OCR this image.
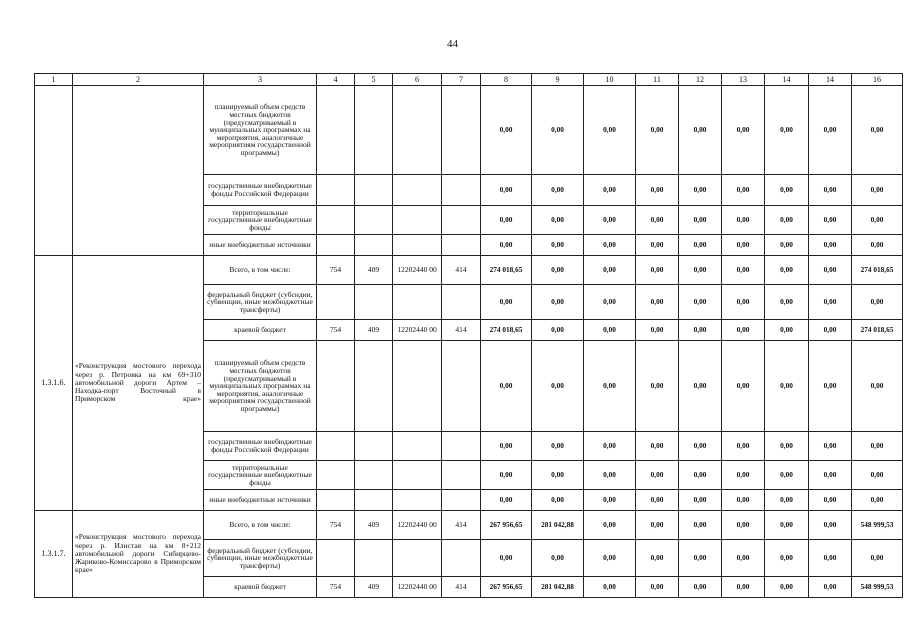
44
1	2	3	4	5	6	7	8	9	10	11	12	13	14	14	16
		планируемый объем средств местных бюджетов (предусматриваемый в муниципальных программах на мероприятия, аналогичные мероприятиям государственной программы)					0,00	0,00	0,00	0,00	0,00	0,00	0,00	0,00	0,00
		государственные внебюджетные фонды Российской Федерации					0,00	0,00	0,00	0,00	0,00	0,00	0,00	0,00	0,00
		территориальные государственные внебюджетные фонды					0,00	0,00	0,00	0,00	0,00	0,00	0,00	0,00	0,00
		иные внебюджетные источники					0,00	0,00	0,00	0,00	0,00	0,00	0,00	0,00	0,00
1.3.1.6.	«Реконструкция мостового перехода через р. Петровка на км 69+310 автомобильной дороги Артем – Находка-порт Восточный в Приморском крае»	Всего, в том числе:	754	409	12202440 00	414	274 018,65	0,00	0,00	0,00	0,00	0,00	0,00	0,00	274 018,65
		федеральный бюджет (субсидии, субвенции, иные межбюджетные трансферты)					0,00	0,00	0,00	0,00	0,00	0,00	0,00	0,00	0,00
		краевой бюджет	754	409	12202440 00	414	274 018,65	0,00	0,00	0,00	0,00	0,00	0,00	0,00	274 018,65
		планируемый объем средств местных бюджетов (предусматриваемый в муниципальных программах на мероприятия, аналогичные мероприятиям государственной программы)					0,00	0,00	0,00	0,00	0,00	0,00	0,00	0,00	0,00
		государственные внебюджетные фонды Российской Федерации					0,00	0,00	0,00	0,00	0,00	0,00	0,00	0,00	0,00
		территориальные государственные внебюджетные фонды					0,00	0,00	0,00	0,00	0,00	0,00	0,00	0,00	0,00
		иные внебюджетные источники					0,00	0,00	0,00	0,00	0,00	0,00	0,00	0,00	0,00
1.3.1.7.	«Реконструкция мостового перехода через р. Илистая на км 8+212 автомобильной дороги Сибирцево-Жариково-Комиссарово в Приморском крае»	Всего, в том числе:	754	409	12202440 00	414	267 956,65	281 042,88	0,00	0,00	0,00	0,00	0,00	0,00	548 999,53
		федеральный бюджет (субсидии, субвенции, иные межбюджетные трансферты)					0,00	0,00	0,00	0,00	0,00	0,00	0,00	0,00	0,00
		краевой бюджет	754	409	12202440 00	414	267 956,65	281 042,88	0,00	0,00	0,00	0,00	0,00	0,00	548 999,53
